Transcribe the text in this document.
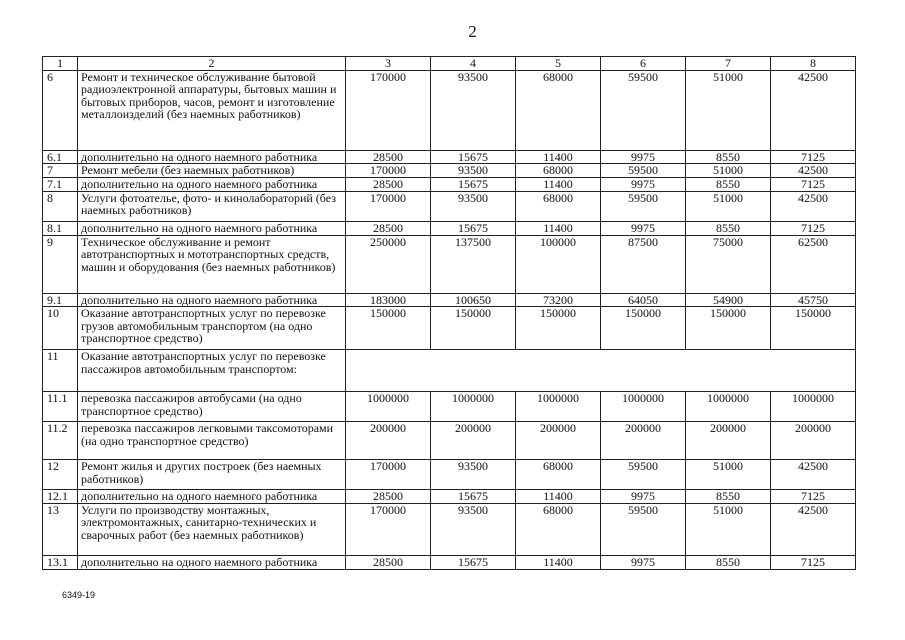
2
1	2	3	4	5	6	7	8
6	Ремонт и техническое обслуживание бытовой радиоэлектронной аппаратуры, бытовых машин и бытовых приборов, часов, ремонт и изготовление металлоизделий (без наемных работников)	170000	93500	68000	59500	51000	42500
6.1	дополнительно на одного наемного работника	28500	15675	11400	9975	8550	7125
7	Ремонт мебели (без наемных работников)	170000	93500	68000	59500	51000	42500
7.1	дополнительно на одного наемного работника	28500	15675	11400	9975	8550	7125
8	Услуги фотоателье, фото- и кинолабораторий (без наемных работников)	170000	93500	68000	59500	51000	42500
8.1	дополнительно на одного наемного работника	28500	15675	11400	9975	8550	7125
9	Техническое обслуживание и ремонт автотранспортных и мототранспортных средств, машин и оборудования (без наемных работников)	250000	137500	100000	87500	75000	62500
9.1	дополнительно на одного наемного работника	183000	100650	73200	64050	54900	45750
10	Оказание автотранспортных услуг по перевозке грузов автомобильным транспортом (на одно транспортное средство)	150000	150000	150000	150000	150000	150000
11	Оказание автотранспортных услуг по перевозке пассажиров автомобильным транспортом:						
11.1	перевозка пассажиров автобусами (на одно транспортное средство)	1000000	1000000	1000000	1000000	1000000	1000000
11.2	перевозка пассажиров легковыми таксомоторами (на одно транспортное средство)	200000	200000	200000	200000	200000	200000
12	Ремонт жилья и других построек (без наемных работников)	170000	93500	68000	59500	51000	42500
12.1	дополнительно на одного наемного работника	28500	15675	11400	9975	8550	7125
13	Услуги по производству монтажных, электромонтажных, санитарно-технических и сварочных работ (без наемных работников)	170000	93500	68000	59500	51000	42500
13.1	дополнительно на одного наемного работника	28500	15675	11400	9975	8550	7125
6349-19
